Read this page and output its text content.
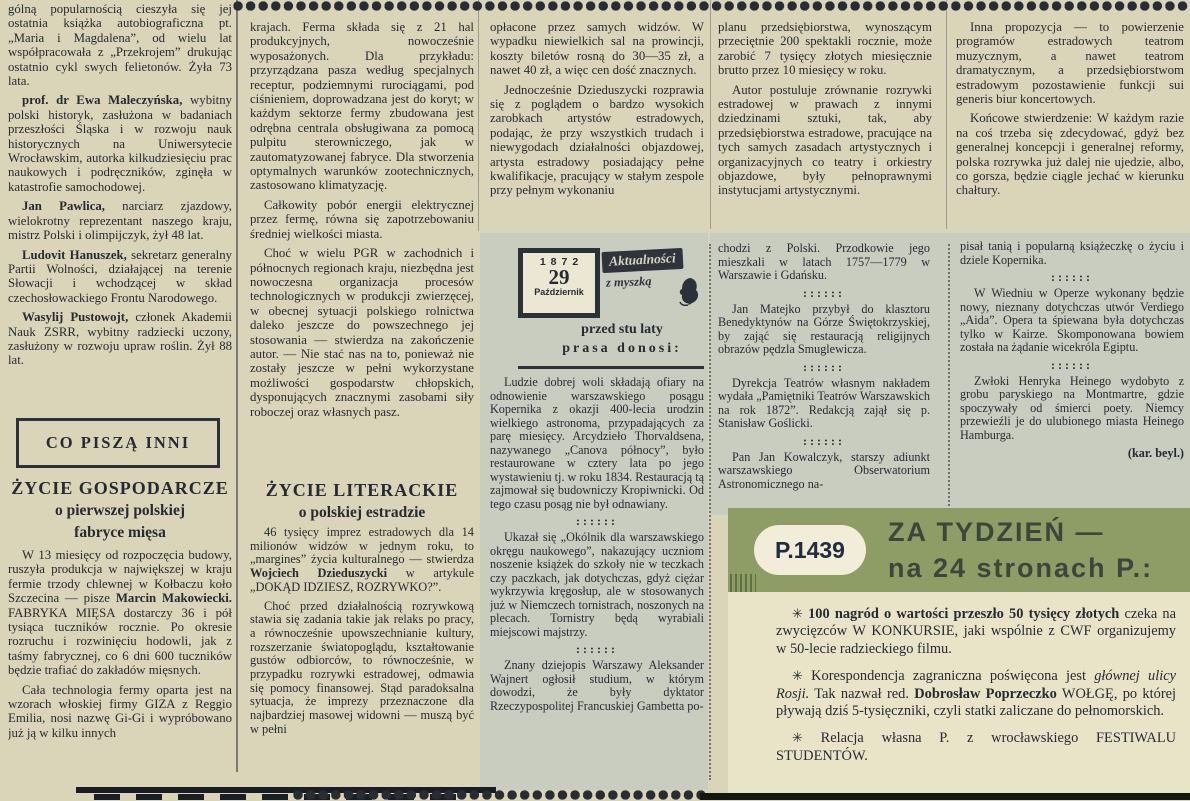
gólną popularnością cieszyła się jej ostatnia książka autobiograficzna pt. „Maria i Magdalena”, od wielu lat współpracowała z „Przekrojem” drukując ostatnio cykl swych felietonów. Żyła 73 lata.

prof. dr Ewa Maleczyńska, wybitny polski historyk, zasłużona w badaniach przeszłości Śląska i w rozwoju nauk historycznych na Uniwersytecie Wrocławskim, autorka kilkudziesięciu prac naukowych i podręczników, zginęła w katastrofie samochodowej.

Jan Pawlica, narciarz zjazdowy, wielokrotny reprezentant naszego kraju, mistrz Polski i olimpijczyk, żył 48 lat.

Ludovit Hanuszek, sekretarz generalny Partii Wolności, działającej na terenie Słowacji i wchodzącej w skład czechosłowackiego Frontu Narodowego.

Wasylij Pustowojt, członek Akademii Nauk ZSRR, wybitny radziecki uczony, zasłużony w rozwoju upraw roślin. Żył 88 lat.

CO PISZĄ INNI
ŻYCIE GOSPODARCZE
o pierwszej polskiej
fabryce mięsa

W 13 miesięcy od rozpoczęcia budowy, ruszyła produkcja w największej w kraju fermie trzody chlewnej w Kołbaczu koło Szczecina — pisze Marcin Makowiecki. FABRYKA MIĘSA dostarczy 36 i pół tysiąca tuczników rocznie. Po okresie rozruchu i rozwinięciu hodowli, jak z taśmy fabrycznej, co 6 dni 600 tuczników będzie trafiać do zakładów mięsnych.

Cała technologia fermy oparta jest na wzorach włoskiej firmy GIZA z Reggio Emilia, nosi nazwę Gi-Gi i wypróbowano już ją w kilku innych

krajach. Ferma składa się z 21 hal produkcyjnych, nowocześnie wyposażonych. Dla przykładu: przyrządzana pasza według specjalnych receptur, podziemnymi rurociągami, pod ciśnieniem, doprowadzana jest do koryt; w każdym sektorze fermy zbudowana jest odrębna centrala obsługiwana za pomocą pulpitu sterowniczego, jak w zautomatyzowanej fabryce. Dla stworzenia optymalnych warunków zootechnicznych, zastosowano klimatyzację.

Całkowity pobór energii elektrycznej przez fermę, równa się zapotrzebowaniu średniej wielkości miasta.

Choć w wielu PGR w zachodnich i północnych regionach kraju, niezbędna jest nowoczesna organizacja procesów technologicznych w produkcji zwierzęcej, w obecnej sytuacji polskiego rolnictwa daleko jeszcze do powszechnego jej stosowania — stwierdza na zakończenie autor. — Nie stać nas na to, ponieważ nie zostały jeszcze w pełni wykorzystane możliwości gospodarstw chłopskich, dysponujących znacznymi zasobami siły roboczej oraz własnych pasz.

ŻYCIE LITERACKIE
o polskiej estradzie

46 tysięcy imprez estradowych dla 14 milionów widzów w jednym roku, to „margines” życia kulturalnego — stwierdza Wojciech Dzieduszycki w artykule „DOKĄD IDZIESZ, ROZRYWKO?”.

Choć przed działalnością rozrywkową stawia się zadania takie jak relaks po pracy, a równocześnie upowszechnianie kultury, rozszerzanie światopoglądu, kształtowanie gustów odbiorców, to równocześnie, w przypadku rozrywki estradowej, odmawia się pomocy finansowej. Stąd paradoksalna sytuacja, że imprezy przeznaczone dla najbardziej masowej widowni — muszą być w pełni

opłacone przez samych widzów. W wypadku niewielkich sal na prowincji, koszty biletów rosną do 30—35 zł, a nawet 40 zł, a więc cen dość znacznych.

Jednocześnie Dzieduszycki rozprawia się z poglądem o bardzo wysokich zarobkach artystów estradowych, podając, że przy wszystkich trudach i niewygodach działalności objazdowej, artysta estradowy posiadający pełne kwalifikacje, pracujący w stałym zespole przy pełnym wykonaniu

1872
29
Październik
Aktualności
z myszką
przed stu laty
prasa donosi:

Ludzie dobrej woli składają ofiary na odnowienie warszawskiego posągu Kopernika z okazji 400-lecia urodzin wielkiego astronoma, przypadających za parę miesięcy. Arcydzieło Thorvaldsena, nazywanego „Canova północy”, było restaurowane w cztery lata po jego wystawieniu tj. w roku 1834. Restauracją tą zajmował się budowniczy Kropiwnicki. Od tego czasu posąg nie był odnawiany.

::::::

Ukazał się „Okólnik dla warszawskiego okręgu naukowego”, nakazujący uczniom noszenie książek do szkoły nie w teczkach czy paczkach, jak dotychczas, gdyż ciężar wykrzywia kręgosłup, ale w stosowanych już w Niemczech tornistrach, noszonych na plecach. Tornistry będą wyrabiali miejscowi majstrzy.

::::::

Znany dziejopis Warszawy Aleksander Wajnert ogłosił studium, w którym dowodzi, że były dyktator Rzeczypospolitej Francuskiej Gambetta po-

planu przedsiębiorstwa, wynoszącym przeciętnie 200 spektakli rocznie, może zarobić 7 tysięcy złotych miesięcznie brutto przez 10 miesięcy w roku.

Autor postuluje zrównanie rozrywki estradowej w prawach z innymi dziedzinami sztuki, tak, aby przedsiębiorstwa estradowe, pracujące na tych samych zasadach artystycznych i organizacyjnych co teatry i orkiestry objazdowe, były pełnoprawnymi instytucjami artystycznymi.

chodzi z Polski. Przodkowie jego mieszkali w latach 1757—1779 w Warszawie i Gdańsku.

::::::

Jan Matejko przybył do klasztoru Benedyktynów na Górze Świętokrzyskiej, by zająć się restauracją religijnych obrazów pędzla Smuglewicza.

::::::

Dyrekcja Teatrów własnym nakładem wydała „Pamiętniki Teatrów Warszawskich na rok 1872”. Redakcją zajął się p. Stanisław Goślicki.

::::::

Pan Jan Kowalczyk, starszy adiunkt warszawskiego Obserwatorium Astronomicznego na-

Inna propozycja — to powierzenie programów estradowych teatrom muzycznym, a nawet teatrom dramatycznym, a przedsiębiorstwom estradowym pozostawienie funkcji sui generis biur koncertowych.

Końcowe stwierdzenie: W każdym razie na coś trzeba się zdecydować, gdyż bez generalnej koncepcji i generalnej reformy, polska rozrywka już dalej nie ujedzie, albo, co gorsza, będzie ciągle jechać w kierunku chałtury.

pisał tanią i popularną książeczkę o życiu i dziele Kopernika.

::::::

W Wiedniu w Operze wykonany będzie nowy, nieznany dotychczas utwór Verdiego „Aida”. Opera ta śpiewana była dotychczas tylko w Kairze. Skomponowana bowiem została na żądanie wicekróla Egiptu.

::::::

Zwłoki Henryka Heinego wydobyto z grobu paryskiego na Montmartre, gdzie spoczywały od śmierci poety. Niemcy przewieźli je do ulubionego miasta Heinego Hamburga.

(kar. beyl.)

P.1439
ZA TYDZIEŃ —
na 24 stronach P.:

✳ 100 nagród o wartości przeszło 50 tysięcy złotych czeka na zwycięzców W KONKURSIE, jaki wspólnie z CWF organizujemy w 50-lecie radzieckiego filmu.

✳ Korespondencja zagraniczna poświęcona jest głównej ulicy Rosji. Tak nazwał red. Dobrosław Poprzeczko WOŁGĘ, po której pływają dziś 5-tysięczniki, czyli statki zaliczane do pełnomorskich.

✳ Relacja własna P. z wrocławskiego FESTIWALU STUDENTÓW.
